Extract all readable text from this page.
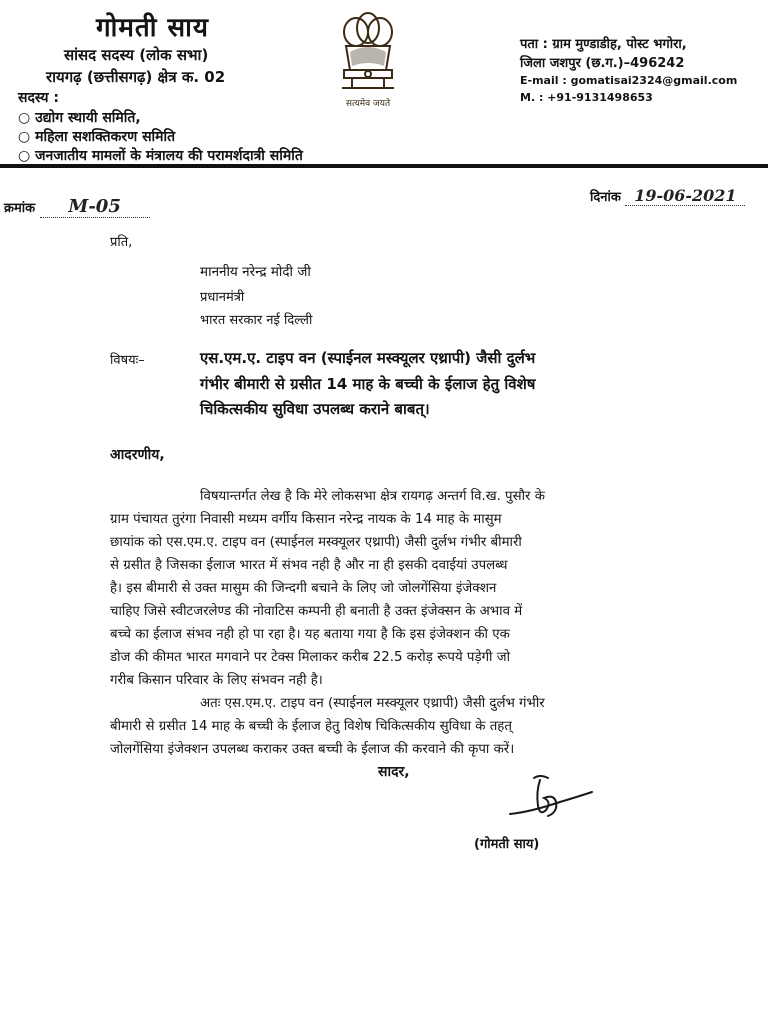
गोमती साय
सांसद सदस्य (लोक सभा)
रायगढ़ (छत्तीसगढ़) क्षेत्र क. 02
सदस्य :
○ उद्योग स्थायी समिति,
○ महिला सशक्तिकरण समिति
○ जनजातीय मामलों के मंत्रालय की परामर्शदात्री समिति
सत्यमेव जयते
पता : ग्राम मुण्डाडीह, पोस्ट भगोरा,
जिला जशपुर (छ.ग.)–496242
E-mail : gomatisai2324@gmail.com
M. : +91-9131498653
क्रमांक M-05	दिनांक 19-06-2021
प्रति,
माननीय नरेन्द्र मोदी जी
प्रधानमंत्री
भारत सरकार नई दिल्ली
विषयः–	एस.एम.ए. टाइप वन (स्पाईनल मस्क्यूलर एथ्रापी) जैसी दुर्लभ
गंभीर बीमारी से ग्रसीत 14 माह के बच्ची के ईलाज हेतु विशेष
चिकित्सकीय सुविधा उपलब्ध कराने बाबत्।
आदरणीय,
विषयान्तर्गत लेख है कि मेरे लोकसभा क्षेत्र रायगढ़ अन्तर्ग वि.ख. पुसौर के
ग्राम पंचायत तुरंगा निवासी मध्यम वर्गीय किसान नरेन्द्र नायक के 14 माह के मासुम
छायांक को एस.एम.ए. टाइप वन (स्पाईनल मस्क्यूलर एथ्रापी) जैसी दुर्लभ गंभीर बीमारी
से ग्रसीत है जिसका ईलाज भारत में संभव नही है और ना ही इसकी दवाईयां उपलब्ध
है। इस बीमारी से उक्त मासुम की जिन्दगी बचाने के लिए जो जोलगेंसिया इंजेक्शन
चाहिए जिसे स्वीटजरलेण्ड की नोवाटिस कम्पनी ही बनाती है उक्त इंजेक्सन के अभाव में
बच्चे का ईलाज संभव नही हो पा रहा है। यह बताया गया है कि इस इंजेक्शन की एक
डोज की कीमत भारत मगवाने पर टेक्स मिलाकर करीब 22.5 करोड़ रूपये पड़ेगी जो
गरीब किसान परिवार के लिए संभवन नही है।
अतः एस.एम.ए. टाइप वन (स्पाईनल मस्क्यूलर एथ्रापी) जैसी दुर्लभ गंभीर
बीमारी से ग्रसीत 14 माह के बच्ची के ईलाज हेतु विशेष चिकित्सकीय सुविधा के तहत्
जोलगेंसिया इंजेक्शन उपलब्ध कराकर उक्त बच्ची के ईलाज की करवाने की कृपा करें।
सादर,
(गोमती साय)
